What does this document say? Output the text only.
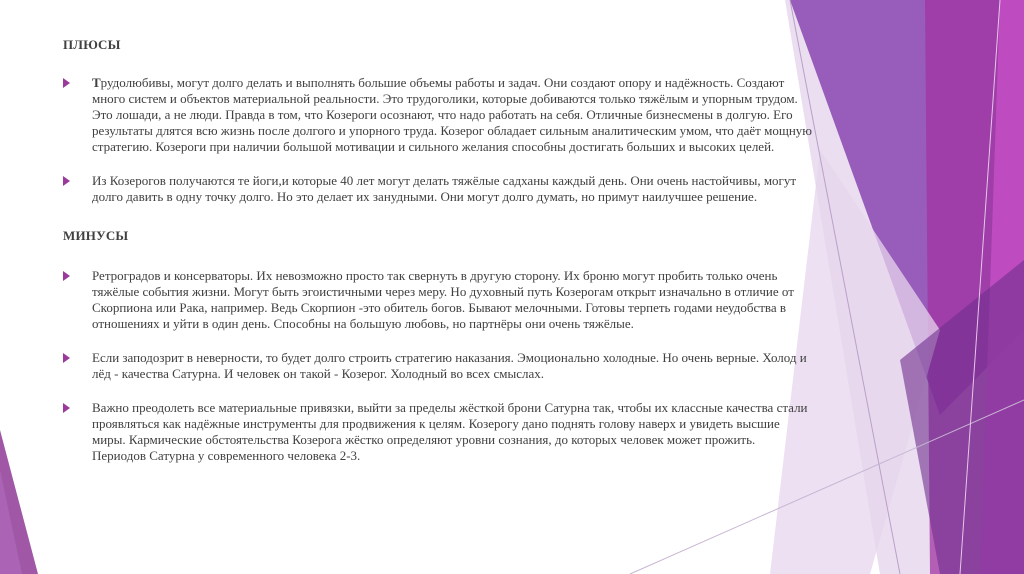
ПЛЮСЫ

Трудолюбивы, могут долго делать и выполнять большие объемы работы и задач. Они создают опору и надёжность. Создают много систем и объектов материальной реальности. Это трудоголики, которые добиваются только тяжёлым и упорным трудом. Это лошади, а не люди. Правда в том, что Козероги осознают, что надо работать на себя. Отличные бизнесмены в долгую. Его результаты длятся всю жизнь после долгого и упорного труда. Козерог обладает сильным аналитическим умом, что даёт мощную стратегию. Козероги при наличии большой мотивации и сильного желания способны достигать больших и высоких целей.
Из Козерогов получаются те йоги,и которые 40 лет могут делать тяжёлые садханы каждый день. Они очень настойчивы, могут долго давить в одну точку долго. Но это делает их занудными. Они могут долго думать, но примут наилучшее решение.

МИНУСЫ

Ретроградов и консерваторы. Их невозможно просто так свернуть в другую сторону. Их броню могут пробить только очень тяжёлые события жизни. Могут быть эгоистичными через меру. Но духовный путь Козерогам открыт изначально в отличие от Скорпиона или Рака, например. Ведь Скорпион -это обитель богов. Бывают мелочными. Готовы терпеть годами неудобства в отношениях и уйти в один день. Способны на большую любовь, но партнёры они очень тяжёлые.
Если заподозрит в неверности, то будет долго строить стратегию наказания. Эмоционально холодные. Но очень верные. Холод и лёд - качества Сатурна. И человек он такой - Козерог. Холодный во всех смыслах.
Важно преодолеть все материальные привязки, выйти за пределы жёсткой брони Сатурна так, чтобы их классные качества стали проявляться как надёжные инструменты для продвижения к целям. Козерогу дано поднять голову наверх и увидеть высшие миры. Кармические обстоятельства Козерога жёстко определяют уровни сознания, до которых человек может прожить. Периодов Сатурна у современного человека 2-3.
